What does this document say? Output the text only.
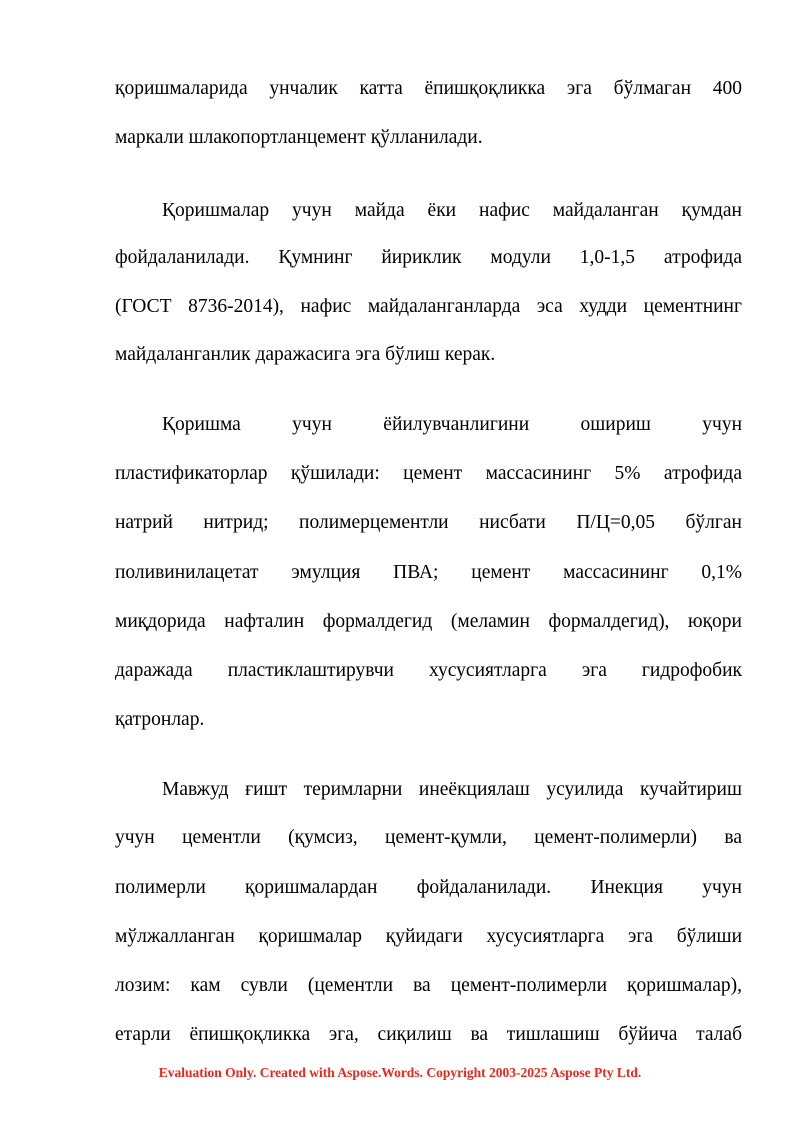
қоришмаларида унчалик катта ёпишқоқликка эга бўлмаган 400
маркали шлакопортланцемент қўлланилади.
Қоришмалар учун майда ёки нафис майдаланган қумдан
фойдаланилади. Қумнинг йириклик модули 1,0-1,5 атрофида
(ГОСТ 8736-2014), нафис майдаланганларда эса худди цементнинг
майдаланганлик даражасига эга бўлиш керак.
Қоришма учун ёйилувчанлигини ошириш учун
пластификаторлар қўшилади: цемент массасининг 5% атрофида
натрий нитрид; полимерцементли нисбати П/Ц=0,05 бўлган
поливинилацетат эмулция ПВА; цемент массасининг 0,1%
миқдорида нафталин формалдегид (меламин формалдегид), юқори
даражада пластиклаштирувчи хусусиятларга эга гидрофобик
қатронлар.
Мавжуд ғишт теримларни инеёкциялаш усуилида кучайтириш
учун цементли (қумсиз, цемент-қумли, цемент-полимерли) ва
полимерли қоришмалардан фойдаланилади. Инекция учун
мўлжалланган қоришмалар қуйидаги хусусиятларга эга бўлиши
лозим: кам сувли (цементли ва цемент-полимерли қоришмалар),
етарли ёпишқоқликка эга, сиқилиш ва тишлашиш бўйича талаб
Evaluation Only. Created with Aspose.Words. Copyright 2003-2025 Aspose Pty Ltd.
